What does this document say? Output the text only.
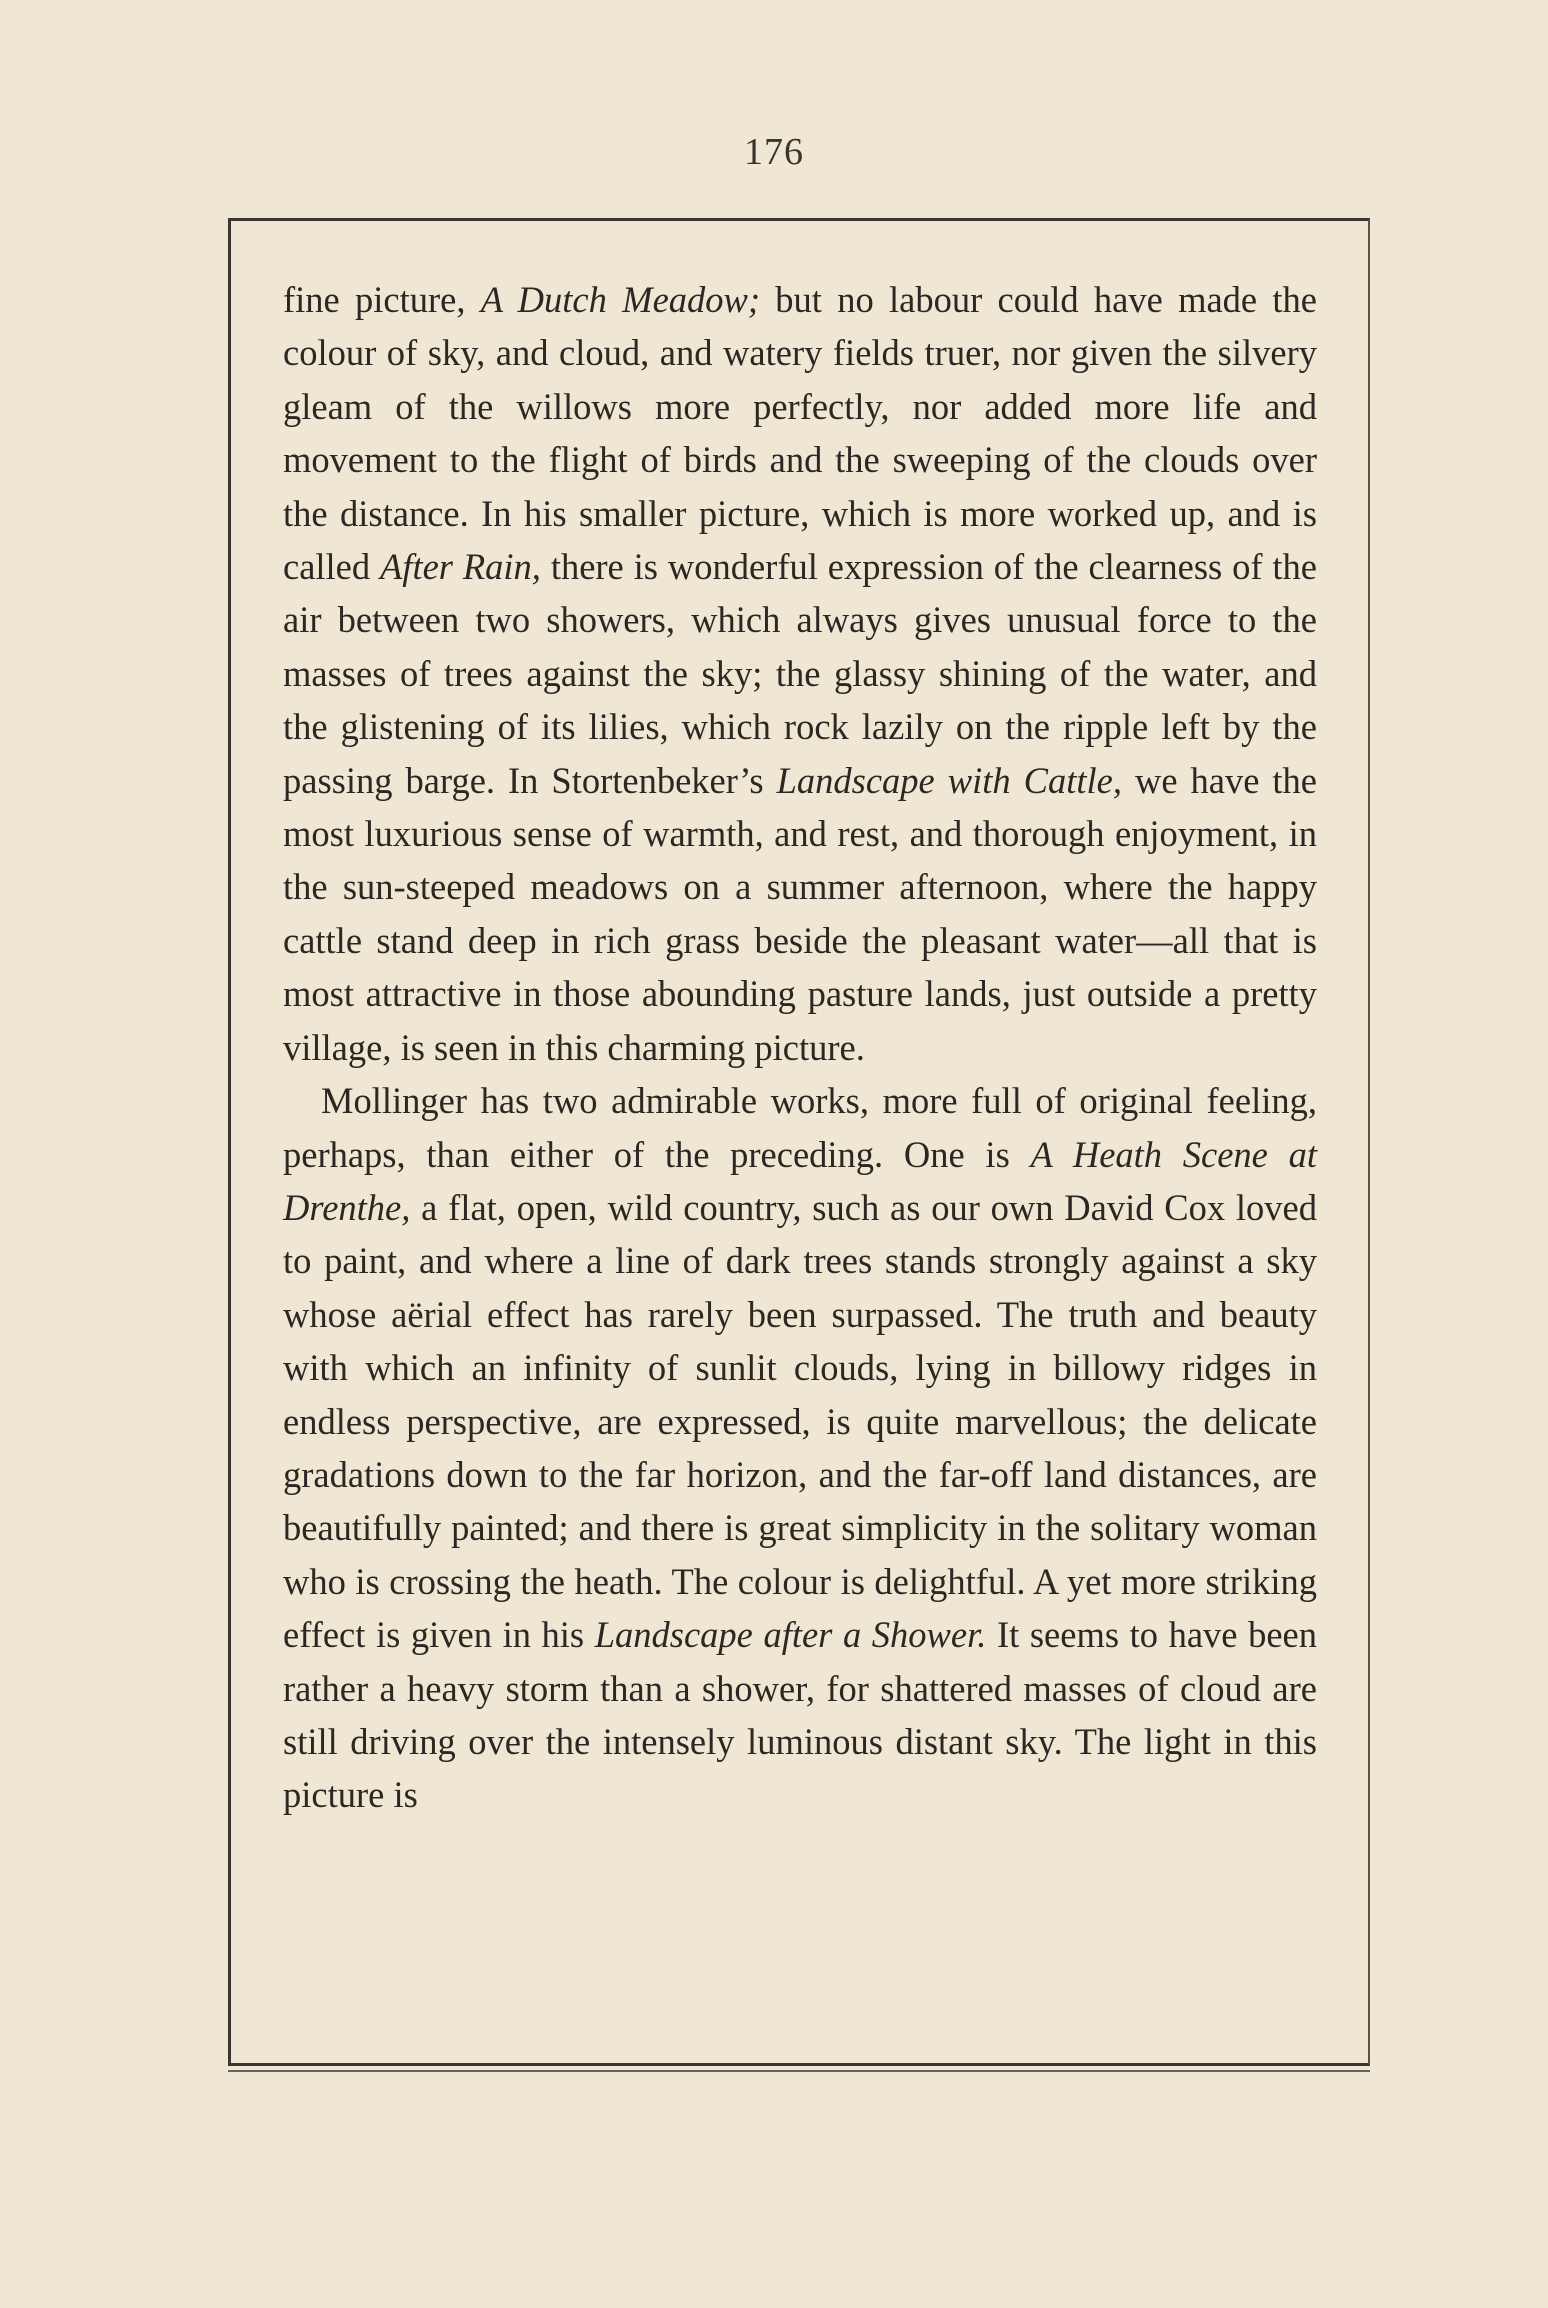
176

fine picture, A Dutch Meadow; but no labour could have made the colour of sky, and cloud, and watery fields truer, nor given the silvery gleam of the willows more perfectly, nor added more life and movement to the flight of birds and the sweeping of the clouds over the distance. In his smaller picture, which is more worked up, and is called After Rain, there is wonderful expression of the clearness of the air between two showers, which always gives unusual force to the masses of trees against the sky; the glassy shining of the water, and the glistening of its lilies, which rock lazily on the ripple left by the passing barge. In Stortenbeker’s Landscape with Cattle, we have the most luxurious sense of warmth, and rest, and thorough enjoyment, in the sun-steeped meadows on a summer afternoon, where the happy cattle stand deep in rich grass beside the pleasant water—all that is most attractive in those abounding pasture lands, just outside a pretty village, is seen in this charming picture.

Mollinger has two admirable works, more full of original feeling, perhaps, than either of the preceding. One is A Heath Scene at Drenthe, a flat, open, wild country, such as our own David Cox loved to paint, and where a line of dark trees stands strongly against a sky whose aërial effect has rarely been surpassed. The truth and beauty with which an infinity of sunlit clouds, lying in billowy ridges in endless perspective, are expressed, is quite marvellous; the delicate gradations down to the far horizon, and the far-off land distances, are beautifully painted; and there is great simplicity in the solitary woman who is crossing the heath. The colour is delightful. A yet more striking effect is given in his Landscape after a Shower. It seems to have been rather a heavy storm than a shower, for shattered masses of cloud are still driving over the intensely luminous distant sky. The light in this picture is
